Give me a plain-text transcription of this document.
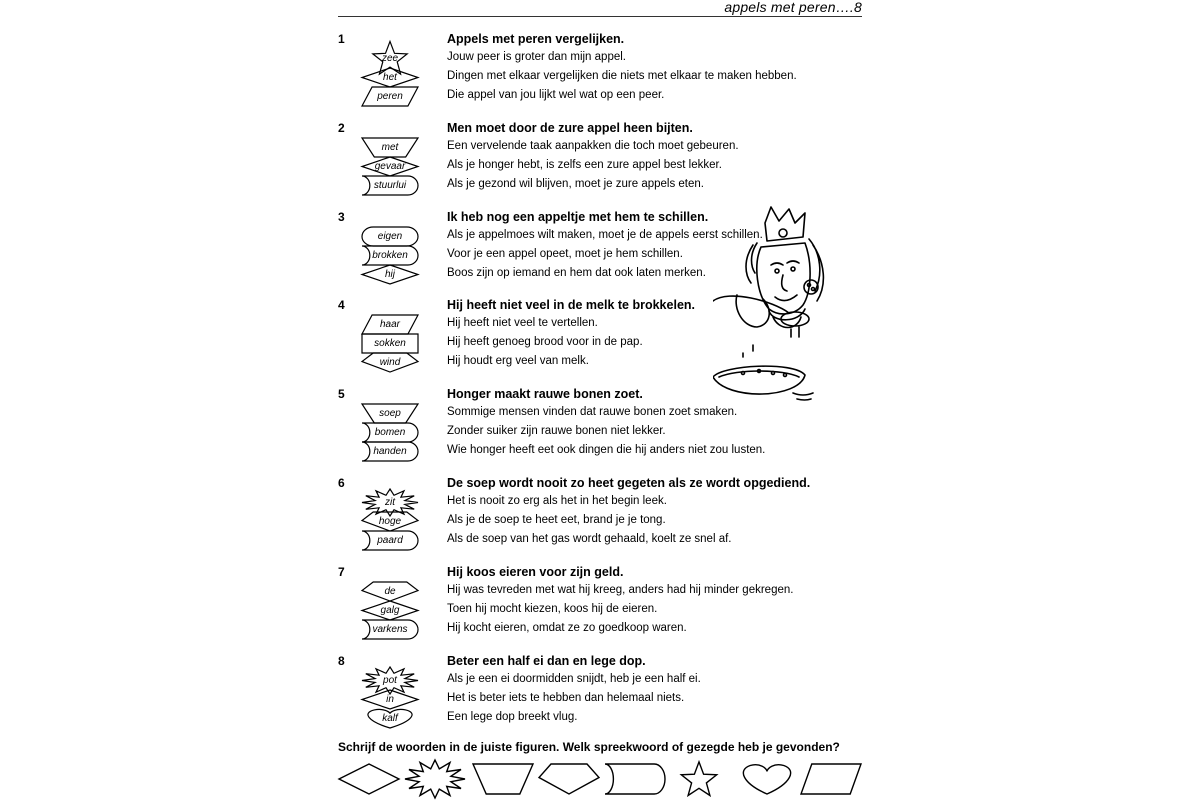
appels met peren….8
1	Appels met peren vergelijken.
zee
het
peren
Jouw peer is groter dan mijn appel.
Dingen met elkaar vergelijken die niets met elkaar te maken hebben.
Die appel van jou lijkt wel wat op een peer.
2	Men moet door de zure appel heen bijten.
met
gevaar
stuurlui
Een vervelende taak aanpakken die toch moet gebeuren.
Als je honger hebt, is zelfs een zure appel best lekker.
Als je gezond wil blijven, moet je zure appels eten.
3	Ik heb nog een appeltje met hem te schillen.
eigen
brokken
hij
Als je appelmoes wilt maken, moet je de appels eerst schillen.
Voor je een appel opeet, moet je hem schillen.
Boos zijn op iemand en hem dat ook laten merken.
4	Hij heeft niet veel in de melk te brokkelen.
haar
sokken
wind
Hij heeft niet veel te vertellen.
Hij heeft genoeg brood voor in de pap.
Hij houdt erg veel van melk.
5	Honger maakt rauwe bonen zoet.
soep
bomen
handen
Sommige mensen vinden dat rauwe bonen zoet smaken.
Zonder suiker zijn rauwe bonen niet lekker.
Wie honger heeft eet ook dingen die hij anders niet zou lusten.
6	De soep wordt nooit zo heet gegeten als ze wordt opgediend.
zit
hoge
paard
Het is nooit zo erg als het in het begin leek.
Als je de soep te heet eet, brand je je tong.
Als de soep van het gas wordt gehaald, koelt ze snel af.
7	Hij koos eieren voor zijn geld.
de
galg
varkens
Hij was tevreden met wat hij kreeg, anders had hij minder gekregen.
Toen hij mocht kiezen, koos hij de eieren.
Hij kocht eieren, omdat ze zo goedkoop waren.
8	Beter een half ei dan en lege dop.
pot
in
kalf
Als je een ei doormidden snijdt, heb je een half ei.
Het is beter iets te hebben dan helemaal niets.
Een lege dop breekt vlug.
Schrijf de woorden in de juiste figuren. Welk spreekwoord of gezegde heb je gevonden?
